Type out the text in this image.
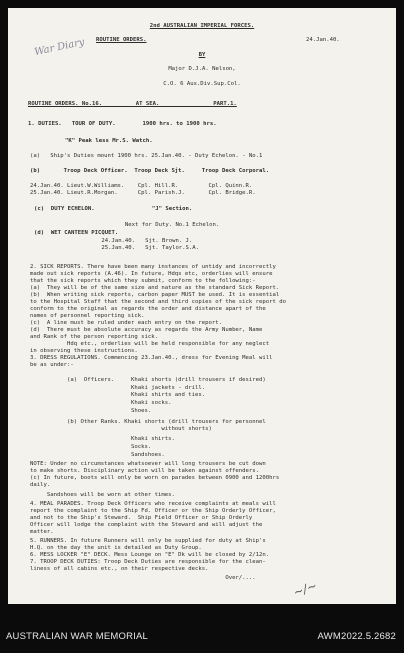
War Diary
2nd AUSTRALIAN IMPERIAL FORCES.
ROUTINE ORDERS.	24.Jan.40.
BY
Major D.J.A. Nelson,
C.O. 6 Aus.Div.Sup.Col.
ROUTINE ORDERS. No.16.          AT SEA.                PART.1.
1. DUTIES.   TOUR OF DUTY.        1900 hrs. to 1900 hrs.
"K" Peak less Mr.S. Watch.
(a)   Ship's Duties mount 1900 hrs. 25.Jan.40. - Duty Echelon. - No.1
(b)       Troop Deck Officer.  Troop Deck Sjt.     Troop Deck Corporal.
24.Jan.40. Lieut.W.Williams.    Cpl. Hill.R.         Cpl. Quinn.R.
25.Jan.40. Lieut.R.Morgan.      Cpl. Parish.J.       Cpl. Bridge.R.
(c)  DUTY ECHELON.                 "J" Section.
Next for Duty. No.1 Echelon.
(d)  WET CANTEEN PICQUET.
24.Jan.40.   Sjt. Brown. J.
25.Jan.40.   Sjt. Taylor.S.A.
2. SICK REPORTS. There have been many instances of untidy and incorrectly
made out sick reports (A.46). In future, Hdqs etc, orderlies will ensure
that the sick reports which they submit, conform to the following:-
(a)  They will be of the same size and nature as the standard Sick Report.
(b)  When writing sick reports, carbon paper MUST be used. It is essential
to the Hospital Staff that the second and third copies of the sick report do
conform to the original as regards the order and distance apart of the
names of personnel reporting sick.
(c)  A line must be ruled under each entry on the report.
(d)  There must be absolute accuracy as regards the Army Number, Name
and Rank of the person reporting sick.
Hdq etc., orderlies will be held responsible for any neglect
in observing these instructions.
3. DRESS REGULATIONS. Commencing 23.Jan.40., dress for Evening Meal will
be as under:-
(a)  Officers.     Khaki shorts (drill trousers if desired)
Khaki jackets - drill.
Khaki shirts and ties.
Khaki socks.
Shoes.
(b) Other Ranks. Khaki shorts (drill trousers for personnel
without shorts)
Khaki shirts.
Socks.
Sandshoes.
NOTE: Under no circumstances whatsoever will long trousers be cut down
to make shorts. Disciplinary action will be taken against offenders.
(c) In future, boots will only be worn on parades between 0900 and 1200hrs
daily.
Sandshoes will be worn at other times.
4. MEAL PARADES. Troop Deck Officers who receive complaints at meals will
report the complaint to the Ship Fd. Officer or the Ship Orderly Officer,
and not to the Ship's Steward.  Ship Field Officer or Ship Orderly
Officer will lodge the complaint with the Steward and will adjust the
matter.
5. RUNNERS. In future Runners will only be supplied for duty at Ship's
H.Q. on the day the unit is detailed as Duty Group.
6. MESS LOCKER "E" DECK. Mess Lounge on "E" Dk will be closed by 2/12n.
7. TROOP DECK DUTIES: Troop Deck Duties are responsible for the clean-
liness of all cabins etc., on their respective decks.
Over/....
~/~
AUSTRALIAN WAR MEMORIAL	AWM2022.5.2682
